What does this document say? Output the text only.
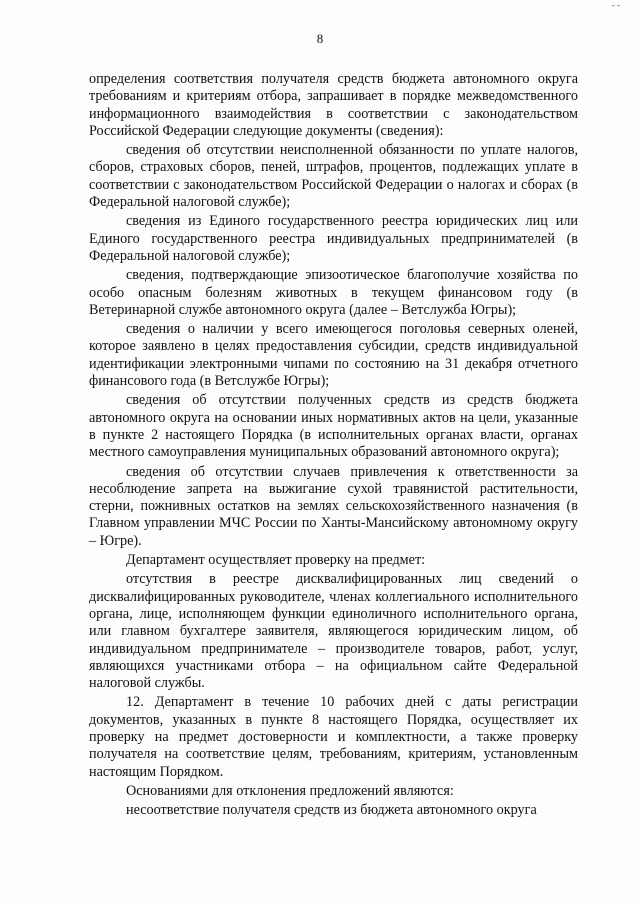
- -
8

определения соответствия получателя средств бюджета автономного округа требованиям и критериям отбора, запрашивает в порядке межведомственного информационного взаимодействия в соответствии с законодательством Российской Федерации следующие документы (сведения):

сведения об отсутствии неисполненной обязанности по уплате налогов, сборов, страховых сборов, пеней, штрафов, процентов, подлежащих уплате в соответствии с законодательством Российской Федерации о налогах и сборах (в Федеральной налоговой службе);

сведения из Единого государственного реестра юридических лиц или Единого государственного реестра индивидуальных предпринимателей (в Федеральной налоговой службе);

сведения, подтверждающие эпизоотическое благополучие хозяйства по особо опасным болезням животных в текущем финансовом году (в Ветеринарной службе автономного округа (далее – Ветслужба Югры);

сведения о наличии у всего имеющегося поголовья северных оленей, которое заявлено в целях предоставления субсидии, средств индивидуальной идентификации электронными чипами по состоянию на 31 декабря отчетного финансового года (в Ветслужбе Югры);

сведения об отсутствии полученных средств из средств бюджета автономного округа на основании иных нормативных актов на цели, указанные в пункте 2 настоящего Порядка (в исполнительных органах власти, органах местного самоуправления муниципальных образований автономного округа);

сведения об отсутствии случаев привлечения к ответственности за несоблюдение запрета на выжигание сухой травянистой растительности, стерни, пожнивных остатков на землях сельскохозяйственного назначения (в Главном управлении МЧС России по Ханты-Мансийскому автономному округу – Югре).

Департамент осуществляет проверку на предмет:

отсутствия в реестре дисквалифицированных лиц сведений о дисквалифицированных руководителе, членах коллегиального исполнительного органа, лице, исполняющем функции единоличного исполнительного органа, или главном бухгалтере заявителя, являющегося юридическим лицом, об индивидуальном предпринимателе – производителе товаров, работ, услуг, являющихся участниками отбора – на официальном сайте Федеральной налоговой службы.

12. Департамент в течение 10 рабочих дней с даты регистрации документов, указанных в пункте 8 настоящего Порядка, осуществляет их проверку на предмет достоверности и комплектности, а также проверку получателя на соответствие целям, требованиям, критериям, установленным настоящим Порядком.

Основаниями для отклонения предложений являются:

несоответствие получателя средств из бюджета автономного округа
